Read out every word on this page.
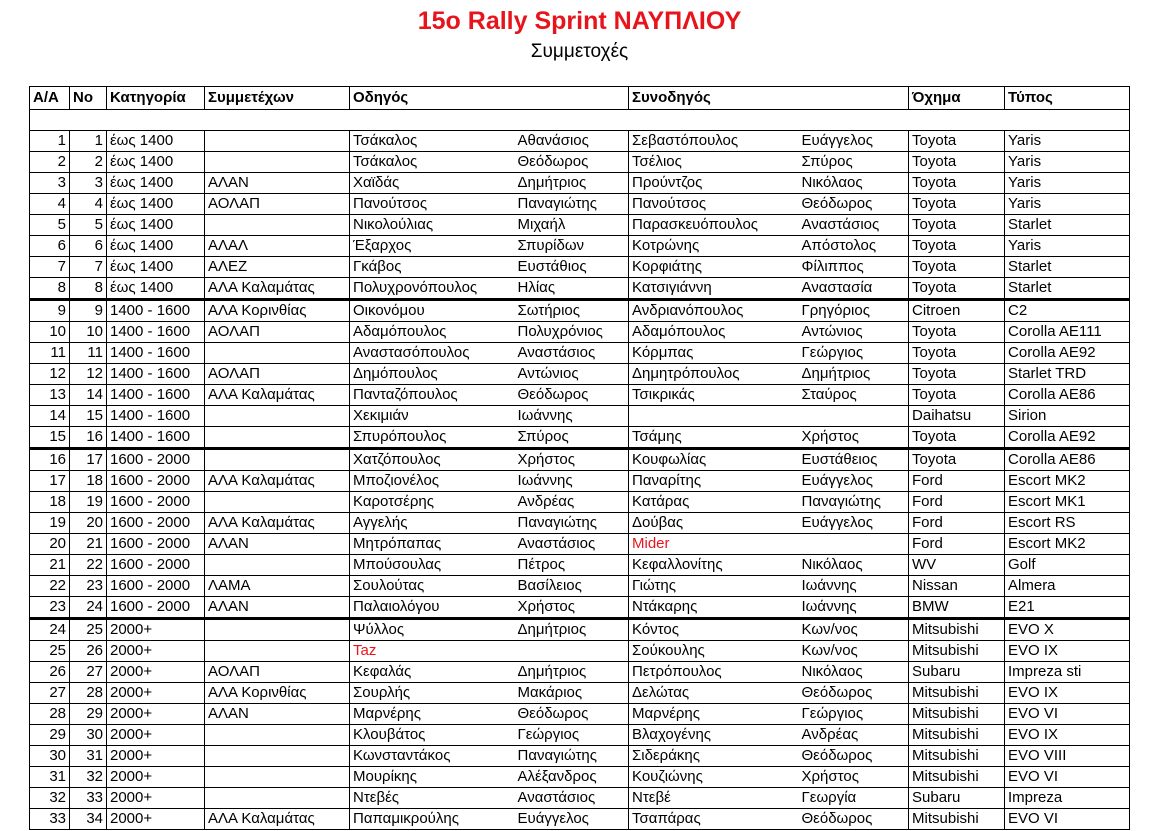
15o Rally Sprint ΝΑΥΠΛΙΟΥ
Συμμετοχές
Α/Α	Νο	Κατηγορία	Συμμετέχων	Οδηγός		Συνοδηγός		Όχημα	Τύπος

1	1	έως 1400		Τσάκαλος	Αθανάσιος	Σεβαστόπουλος	Ευάγγελος	Toyota	Yaris
2	2	έως 1400		Τσάκαλος	Θεόδωρος	Τσέλιος	Σπύρος	Toyota	Yaris
3	3	έως 1400	ΑΛΑΝ	Χαϊδάς	Δημήτριος	Προύντζος	Νικόλαος	Toyota	Yaris
4	4	έως 1400	ΑΟΛΑΠ	Πανούτσος	Παναγιώτης	Πανούτσος	Θεόδωρος	Toyota	Yaris
5	5	έως 1400		Νικολούλιας	Μιχαήλ	Παρασκευόπουλος	Αναστάσιος	Toyota	Starlet
6	6	έως 1400	ΑΛΑΛ	Έξαρχος	Σπυρίδων	Κοτρώνης	Απόστολος	Toyota	Yaris
7	7	έως 1400	ΑΛΕΖ	Γκάβος	Ευστάθιος	Κορφιάτης	Φίλιππος	Toyota	Starlet
8	8	έως 1400	ΑΛΑ Καλαμάτας	Πολυχρονόπουλος	Ηλίας	Κατσιγιάννη	Αναστασία	Toyota	Starlet
9	9	1400 - 1600	ΑΛΑ Κορινθίας	Οικονόμου	Σωτήριος	Ανδριανόπουλος	Γρηγόριος	Citroen	C2
10	10	1400 - 1600	ΑΟΛΑΠ	Αδαμόπουλος	Πολυχρόνιος	Αδαμόπουλος	Αντώνιος	Toyota	Corolla AE111
11	11	1400 - 1600		Αναστασόπουλος	Αναστάσιος	Κόρμπας	Γεώργιος	Toyota	Corolla AE92
12	12	1400 - 1600	ΑΟΛΑΠ	Δημόπουλος	Αντώνιος	Δημητρόπουλος	Δημήτριος	Toyota	Starlet TRD
13	14	1400 - 1600	ΑΛΑ Καλαμάτας	Πανταζόπουλος	Θεόδωρος	Τσικρικάς	Σταύρος	Toyota	Corolla AE86
14	15	1400 - 1600		Χεκιμιάν	Ιωάννης			Daihatsu	Sirion
15	16	1400 - 1600		Σπυρόπουλος	Σπύρος	Τσάμης	Χρήστος	Toyota	Corolla AE92
16	17	1600 - 2000		Χατζόπουλος	Χρήστος	Κουφωλίας	Ευστάθειος	Toyota	Corolla AE86
17	18	1600 - 2000	ΑΛΑ Καλαμάτας	Μποζιονέλος	Ιωάννης	Παναρίτης	Ευάγγελος	Ford	Escort MK2
18	19	1600 - 2000		Καροτσέρης	Ανδρέας	Κατάρας	Παναγιώτης	Ford	Escort MK1
19	20	1600 - 2000	ΑΛΑ Καλαμάτας	Αγγελής	Παναγιώτης	Δούβας	Ευάγγελος	Ford	Escort RS
20	21	1600 - 2000	ΑΛΑΝ	Μητρόπαπας	Αναστάσιος	Mider		Ford	Escort MK2
21	22	1600 - 2000		Μπούσουλας	Πέτρος	Κεφαλλονίτης	Νικόλαος	WV	Golf
22	23	1600 - 2000	ΛΑΜΑ	Σουλούτας	Βασίλειος	Γιώτης	Ιωάννης	Nissan	Almera
23	24	1600 - 2000	ΑΛΑΝ	Παλαιολόγου	Χρήστος	Ντάκαρης	Ιωάννης	BMW	E21
24	25	2000+		Ψύλλος	Δημήτριος	Κόντος	Κων/νος	Mitsubishi	EVO X
25	26	2000+		Taz		Σούκουλης	Κων/νος	Mitsubishi	EVO IX
26	27	2000+	ΑΟΛΑΠ	Κεφαλάς	Δημήτριος	Πετρόπουλος	Νικόλαος	Subaru	Impreza sti
27	28	2000+	ΑΛΑ Κορινθίας	Σουρλής	Μακάριος	Δελώτας	Θεόδωρος	Mitsubishi	EVO IX
28	29	2000+	ΑΛΑΝ	Μαρνέρης	Θεόδωρος	Μαρνέρης	Γεώργιος	Mitsubishi	EVO VI
29	30	2000+		Κλουβάτος	Γεώργιος	Βλαχογένης	Ανδρέας	Mitsubishi	EVO IX
30	31	2000+		Κωνσταντάκος	Παναγιώτης	Σιδεράκης	Θεόδωρος	Mitsubishi	EVO VIII
31	32	2000+		Μουρίκης	Αλέξανδρος	Κουζιώνης	Χρήστος	Mitsubishi	EVO VI
32	33	2000+		Ντεβές	Αναστάσιος	Ντεβέ	Γεωργία	Subaru	Impreza
33	34	2000+	ΑΛΑ Καλαμάτας	Παπαμικρούλης	Ευάγγελος	Τσαπάρας	Θεόδωρος	Mitsubishi	EVO VI
